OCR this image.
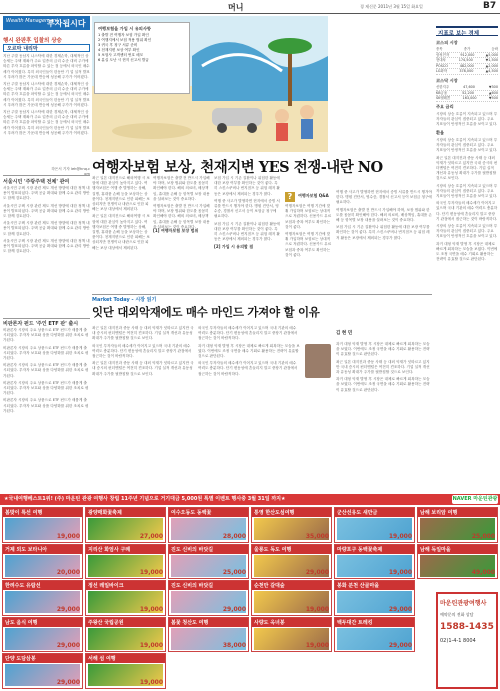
머니	경 제신문 2011년 3월 15일 화요일	B7
Wealth Management
부자됩시다
행시 완판후 입찰의 상승
오르막 내리막

지난 주말 동남지 나스닥에 대한 경제손학, 대체적인 상승세는 주택 계좌가 주요 업종의 금리 수준 대비 주가에 따른 투자 흐름을 파악할 수 있는 점 등에서 외국인 매수세가 이어졌다. 특히 외국인들이 한동안 기 업 실적 발표 시 우려가 많은 가운데 반등에 성공해 주가가 이어졌다.

지난 주말 동남지 나스닥에 대한 경제손학, 대체적인 상승세는 주택 계좌가 주요 업종의 금리 수준 대비 주가에 따른 투자 흐름을 파악할 수 있는 점 등에서 외국인 매수세가 이어졌다. 특히 외국인들이 한동안 기 업 실적 발표 시 우려가 많은 가운데 반등에 성공해 주가가 이어졌다.

지난 주말 동남지 나스닥에 대한 경제손학, 대체적인 상승세는 주택 계좌가 주요 업종의 금리 수준 대비 주가에 따른 투자 흐름을 파악할 수 있는 점 등에서 외국인 매수세가 이어졌다. 특히 외국인들이 한동안 기 업 실적 발표 시 우려가 많은 가운데 반등에 성공해 주가가 이어졌다.

하은서 기자 leh@hnq.c
서울시민 '주랑주택 전체' 관여

서울시민 주택 시장 관련 제도 개선 방향에 대한 정책 내용이 발표되었다. 주택 공급 확대와 함께 수요 관리 방안도 함께 검토된다.

서울시민 주택 시장 관련 제도 개선 방향에 대한 정책 내용이 발표되었다. 주택 공급 확대와 함께 수요 관리 방안도 함께 검토된다.

서울시민 주택 시장 관련 제도 개선 방향에 대한 정책 내용이 발표되었다. 주택 공급 확대와 함께 수요 관리 방안도 함께 검토된다.

서울시민 주택 시장 관련 제도 개선 방향에 대한 정책 내용이 발표되었다. 주택 공급 확대와 함께 수요 관리 방안도 함께 검토된다.

비판론자 펀드 '주인 ETF 판' 출시

비판론자 시장의 주요 상품으로 ETF 펀드가 새롭게 출시되었다. 투자자 보호와 상품 다양화를 위한 조치로 평가된다.

비판론자 시장의 주요 상품으로 ETF 펀드가 새롭게 출시되었다. 투자자 보호와 상품 다양화를 위한 조치로 평가된다.

비판론자 시장의 주요 상품으로 ETF 펀드가 새롭게 출시되었다. 투자자 보호와 상품 다양화를 위한 조치로 평가된다.

비판론자 시장의 주요 상품으로 ETF 펀드가 새롭게 출시되었다. 투자자 보호와 상품 다양화를 위한 조치로 평가된다.

비판론자 시장의 주요 상품으로 ETF 펀드가 새롭게 출시되었다. 투자자 보호와 상품 다양화를 위한 조치로 평가된다.

여행보험을 가입 시 유의사항
1 출발 전 여행자 보험 가입 확인
2 여행지에서 보험 적용 범위 확인
3 귀국 후 청구 서류 준비
4 천재지변 보상 여부 확인
5 보험사 고객센터 번호 메모
6 분실 도난 시 현지 신고서 발급
여행자보험 보상, 천재지변 YES 전쟁-내란 NO

최근 일본 대지진으로 해외여행 시 보험에 대한 관심이 높아지고 있다. 여행자보험은 여행 중 발생하는 상해, 질병, 휴대품 손해 등을 보상하는 상품이다. 천재지변으로 인한 피해는 보상되지만 전쟁이나 내란으로 인한 피해는 보상 대상에서 제외된다.

최근 일본 대지진으로 해외여행 시 보험에 대한 관심이 높아지고 있다. 여행자보험은 여행 중 발생하는 상해, 질병, 휴대품 손해 등을 보상하는 상품이다. 천재지변으로 인한 피해는 보상되지만 전쟁이나 내란으로 인한 피해는 보상 대상에서 제외된다.

여행자보험은 출발 전 반드시 가입해야 하며, 보장 범위와 한도를 꼼꼼히 확인해야 한다. 해외 의료비, 배상책임, 휴대품 손해 등 항목별 보장 내용을 살펴보는 것이 중요하다.

여행자보험은 출발 전 반드시 가입해야 하며, 보장 범위와 한도를 꼼꼼히 확인해야 한다. 해외 의료비, 배상책임, 휴대품 손해 등 항목별 보장 내용을 살펴보는 것이 중요하다.

[1] 여행자보험 보장 범위

보험 가입 시 기존 질환이나 위험한 활동에 대한 보장 여부를 확인하는 것이 좋다. 특히 스킨스쿠버나 번지점프 등 위험 레저 활동은 보장에서 제외되는 경우가 많다.

여행 중 사고가 발생하면 현지에서 증빙 서류를 반드시 챙겨야 한다. 병원 진단서, 영수증, 경찰서 신고서 등이 보험금 청구에 필요하다.

보험 가입 시 기존 질환이나 위험한 활동에 대한 보장 여부를 확인하는 것이 좋다. 특히 스킨스쿠버나 번지점프 등 위험 레저 활동은 보장에서 제외되는 경우가 많다.

[2] 가입 시 유의할 점
?	여행자보험 Q&A

여행자보험은 여행 기간에 맞춰 가입하며 보험료는 상대적으로 저렴하다. 신용카드 무료 보험과 중복 여부도 확인하는 것이 좋다.

여행자보험은 여행 기간에 맞춰 가입하며 보험료는 상대적으로 저렴하다. 신용카드 무료 보험과 중복 여부도 확인하는 것이 좋다.

여행 중 사고가 발생하면 현지에서 증빙 서류를 반드시 챙겨야 한다. 병원 진단서, 영수증, 경찰서 신고서 등이 보험금 청구에 필요하다.

여행자보험은 출발 전 반드시 가입해야 하며, 보장 범위와 한도를 꼼꼼히 확인해야 한다. 해외 의료비, 배상책임, 휴대품 손해 등 항목별 보장 내용을 살펴보는 것이 중요하다.

보험 가입 시 기존 질환이나 위험한 활동에 대한 보장 여부를 확인하는 것이 좋다. 특히 스킨스쿠버나 번지점프 등 위험 레저 활동은 보장에서 제외되는 경우가 많다.

Market Today - 시장 읽기
잇단 대외악재에도 매수 마인드 가져야 할 이유

최근 일본 대지진과 중동 사태 등 대외 악재가 잇따르고 있지만 국내 증시의 펀더멘털은 여전히 견조하다. 기업 실적 개선과 유동성 확대가 주가를 뒷받침할 것으로 보인다.

외국인 투자자들의 매수세가 이어지고 있으며 국내 기관의 매수 여력도 충분하다. 단기 변동성에 흔들리지 말고 중장기 관점에서 접근하는 것이 바람직하다.

최근 일본 대지진과 중동 사태 등 대외 악재가 잇따르고 있지만 국내 증시의 펀더멘털은 여전히 견조하다. 기업 실적 개선과 유동성 확대가 주가를 뒷받침할 것으로 보인다.

외국인 투자자들의 매수세가 이어지고 있으며 국내 기관의 매수 여력도 충분하다. 단기 변동성에 흔들리지 말고 중장기 관점에서 접근하는 것이 바람직하다.

과거 대형 악재 발생 후 시장은 대체로 빠르게 회복하는 모습을 보였다. 이번에도 조정 국면을 매수 기회로 활용하는 전략이 유효할 것으로 판단된다.

외국인 투자자들의 매수세가 이어지고 있으며 국내 기관의 매수 여력도 충분하다. 단기 변동성에 흔들리지 말고 중장기 관점에서 접근하는 것이 바람직하다.

김 현 민

과거 대형 악재 발생 후 시장은 대체로 빠르게 회복하는 모습을 보였다. 이번에도 조정 국면을 매수 기회로 활용하는 전략이 유효할 것으로 판단된다.

최근 일본 대지진과 중동 사태 등 대외 악재가 잇따르고 있지만 국내 증시의 펀더멘털은 여전히 견조하다. 기업 실적 개선과 유동성 확대가 주가를 뒷받침할 것으로 보인다.

과거 대형 악재 발생 후 시장은 대체로 빠르게 회복하는 모습을 보였다. 이번에도 조정 국면을 매수 기회로 활용하는 전략이 유효할 것으로 판단된다.

지표로 보는 경제
코스피 시장
종목	종가	등락
삼성전자	912,000	▲5,000
현대차	174,500	▼1,500
POSCO	482,000	▲2,000
LG화학	378,000	▲4,500
코스닥 시장
신한지주	47,600	▼300
KB금융	52,200	▲600
SK텔레콤	163,000	▼500
주요 금리
환율
시장의 상승 흐름이 지속되고 있으며 투자자들의 관심이 집중되고 있다. 주요 지표들이 안정적인 흐름을 보이고 있다.

시장의 상승 흐름이 지속되고 있으며 투자자들의 관심이 집중되고 있다. 주요 지표들이 안정적인 흐름을 보이고 있다.

최근 일본 대지진과 중동 사태 등 대외 악재가 잇따르고 있지만 국내 증시의 펀더멘털은 여전히 견조하다. 기업 실적 개선과 유동성 확대가 주가를 뒷받침할 것으로 보인다.

시장의 상승 흐름이 지속되고 있으며 투자자들의 관심이 집중되고 있다. 주요 지표들이 안정적인 흐름을 보이고 있다.

외국인 투자자들의 매수세가 이어지고 있으며 국내 기관의 매수 여력도 충분하다. 단기 변동성에 흔들리지 말고 중장기 관점에서 접근하는 것이 바람직하다.

시장의 상승 흐름이 지속되고 있으며 투자자들의 관심이 집중되고 있다. 주요 지표들이 안정적인 흐름을 보이고 있다.

과거 대형 악재 발생 후 시장은 대체로 빠르게 회복하는 모습을 보였다. 이번에도 조정 국면을 매수 기회로 활용하는 전략이 유효할 것으로 판단된다.

★국내여행베스트1위! (주) 마운틴 관광 여행사 창립 11주년 기념으로 거기대금 5,000원 특별 이벤트 행사중 3월 31일 까지★	NAVER 마운틴관광
봄맞이 특선 여행
19,000
광양매화꽃축제
27,000
여수오동도 동백꽃
28,000
통영 한산도섬여행
35,000
군산선유도 새만금
19,000
남해 보리암 여행
25,000
거제 외도 보타니아
20,000
지리산 화엄사 구례
19,000
진도 신비의 바닷길
25,000
울릉도 독도 여행
29,000
마량포구 동백꽃축제
19,000
남해 독일마을
49,000
한려수도 유람선
29,000
정선 레일바이크
19,000
진도 신비의 바닷길
29,000
순천만 갈대숲
19,000
봉화 분천 산골마을
29,000
남도 음식 여행
29,000
주왕산 국립공원
19,000
봄꽃 청산도 여행
38,000
사량도 옥녀봉
19,000
백두대간 트레킹
29,000
단양 도담삼봉
29,000
서해 섬 여행
19,000
마운틴관광여행사
예약문의 전화 상담
1588-1435
02)1-4-1 8004
